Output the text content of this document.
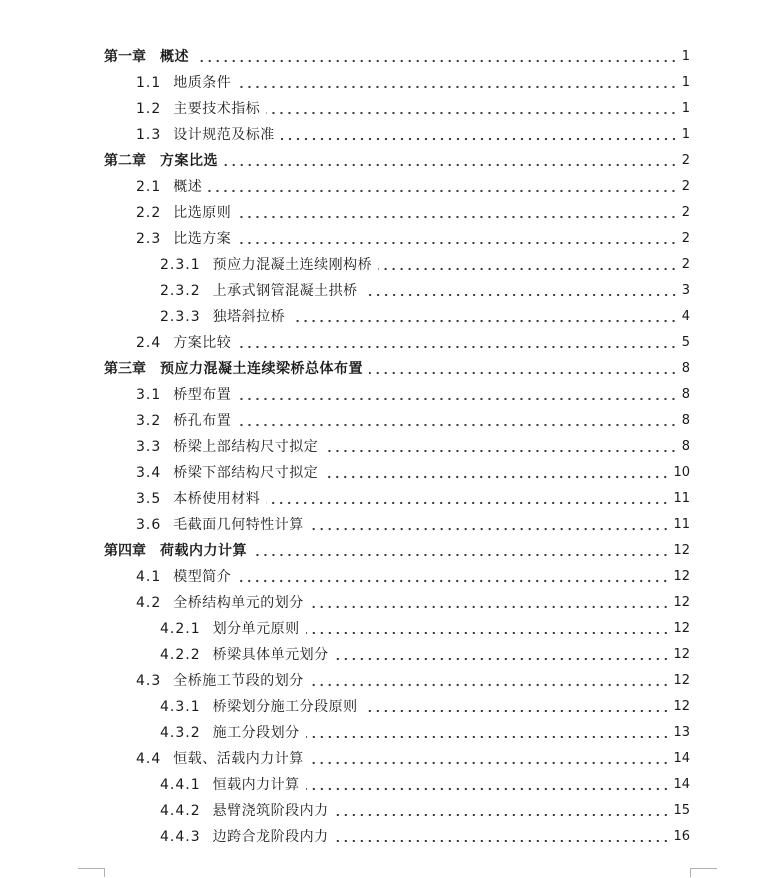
第一章 概述	1
1.1 地质条件	1
1.2 主要技术指标	1
1.3 设计规范及标准	1
第二章 方案比选	2
2.1 概述	2
2.2 比选原则	2
2.3 比选方案	2
2.3.1 预应力混凝土连续刚构桥	2
2.3.2 上承式钢管混凝土拱桥	3
2.3.3 独塔斜拉桥	4
2.4 方案比较	5
第三章 预应力混凝土连续梁桥总体布置	8
3.1 桥型布置	8
3.2 桥孔布置	8
3.3 桥梁上部结构尺寸拟定	8
3.4 桥梁下部结构尺寸拟定	10
3.5 本桥使用材料	11
3.6 毛截面几何特性计算	11
第四章 荷载内力计算	12
4.1 模型简介	12
4.2 全桥结构单元的划分	12
4.2.1 划分单元原则	12
4.2.2 桥梁具体单元划分	12
4.3 全桥施工节段的划分	12
4.3.1 桥梁划分施工分段原则	12
4.3.2 施工分段划分	13
4.4 恒载、活载内力计算	14
4.4.1 恒载内力计算	14
4.4.2 悬臂浇筑阶段内力	15
4.4.3 边跨合龙阶段内力	16
